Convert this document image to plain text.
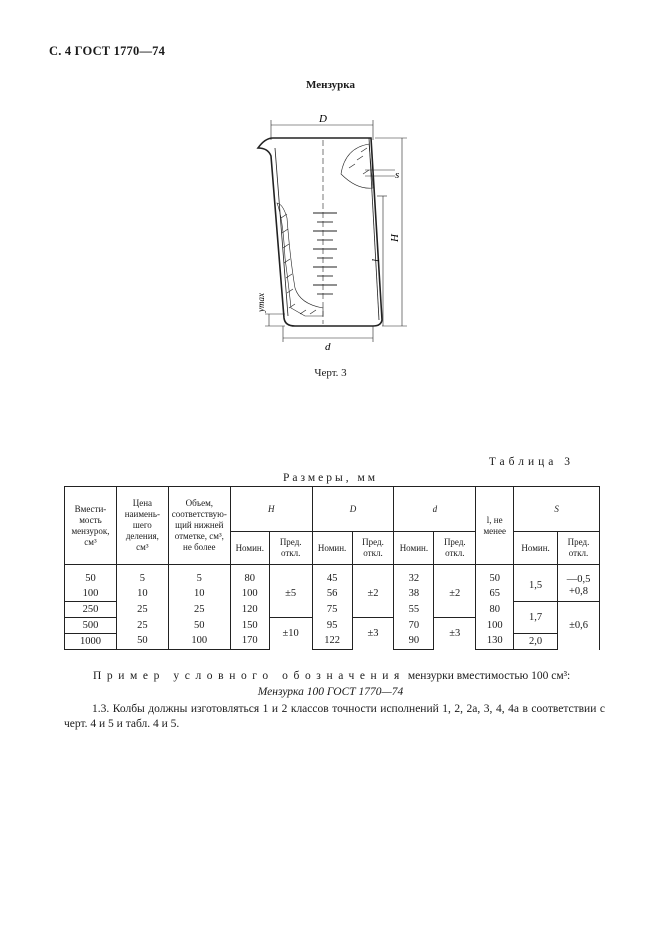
С. 4 ГОСТ 1770—74
Мензурка
D
s
H
l
d
ymax
Черт. 3
Таблица 3
Размеры, мм
Вмести-мость мензурок, см³	Цена наимень-шего деления, см³	Объем, соответствую-щий нижней отметке, см³, не более	H		D		d		l, не менее	S	
			Номин.	Пред. откл.	Номин.	Пред. откл.	Номин.	Пред. откл.		Номин.	Пред. откл.
50	5	5	80	±5	45	±2	32	±2	50	1,5	—0,5
+0,8

100	10	10	100		56		38		65		
250	25	25	120		75		55		80	1,7	±0,6
500	25	50	150	±10	95	±3	70	±3	100		
1000	50	100	170		122		90		130	2,0	
Пример условного обозначения мензурки вместимостью 100 см³:
Мензурка 100 ГОСТ 1770—74
1.3. Колбы должны изготовляться 1 и 2 классов точности исполнений 1, 2, 2а, 3, 4, 4а в соответствии с черт. 4 и 5 и табл. 4 и 5.
